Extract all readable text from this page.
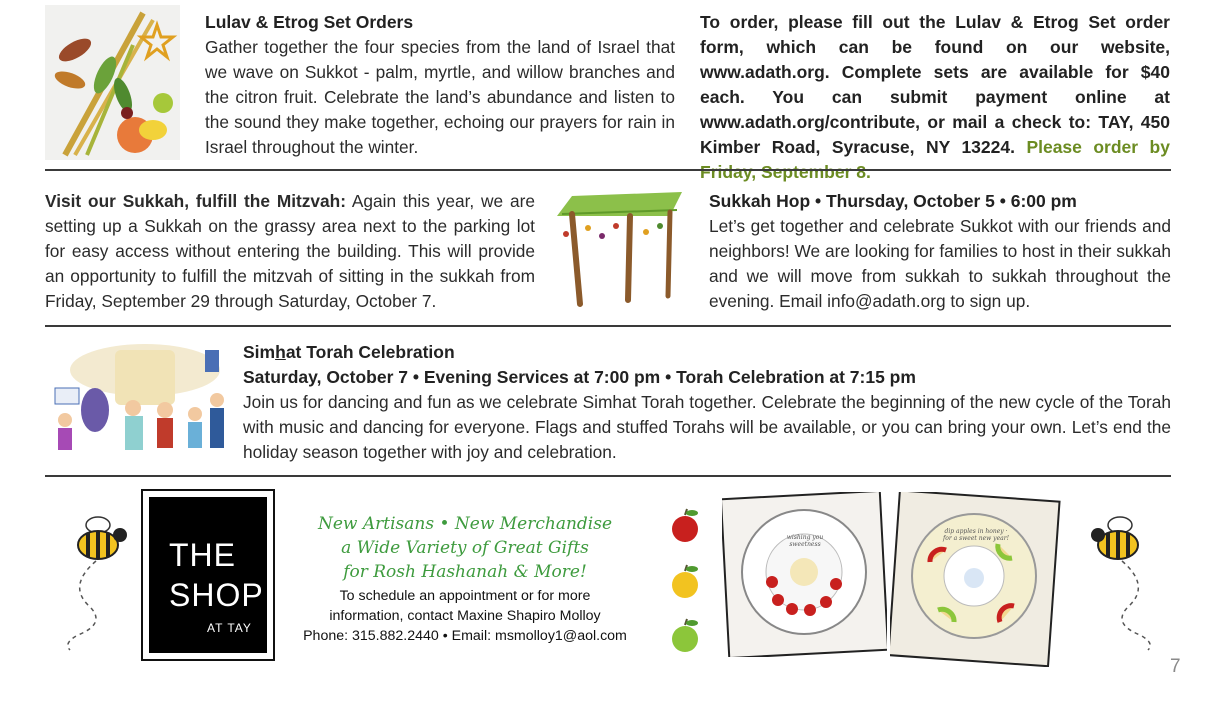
Lulav & Etrog Set Orders
Gather together the four species from the land of Israel that we wave on Sukkot - palm, myrtle, and willow branches and the citron fruit. Celebrate the land’s abundance and listen to the sound they make together, echoing our prayers for rain in Israel throughout the winter.
To order, please fill out the Lulav & Etrog Set order form, which can be found on our website, www.adath.org. Complete sets are available for $40 each. You can submit payment online at www.adath.org/contribute, or mail a check to: TAY, 450 Kimber Road, Syracuse, NY 13224. Please order by Friday, September 8.
Visit our Sukkah, fulfill the Mitzvah: Again this year, we are setting up a Sukkah on the grassy area next to the parking lot for easy access without entering the building. This will provide an opportunity to fulfill the mitzvah of sitting in the sukkah from Friday, September 29 through Saturday, October 7.
Sukkah Hop • Thursday, October 5 • 6:00 pm
Let’s get together and celebrate Sukkot with our friends and neighbors! We are looking for families to host in their sukkah and we will move from sukkah to sukkah throughout the evening. Email info@adath.org to sign up.
Simhat Torah Celebration
Saturday, October 7 • Evening Services at 7:00 pm • Torah Celebration at 7:15 pm
Join us for dancing and fun as we celebrate Simhat Torah together. Celebrate the beginning of the new cycle of the Torah with music and dancing for everyone. Flags and stuffed Torahs will be available, or you can bring your own. Let’s end the holiday season together with joy and celebration.
THE
SHOP
AT TAY
New Artisans • New Merchandise
a Wide Variety of Great Gifts
for Rosh Hashanah & More!
To schedule an appointment or for more
information, contact Maxine Shapiro Molloy
Phone: 315.882.2440 • Email: msmolloy1@aol.com
wishing you sweetness
dip apples in honey · for a sweet new year!
7
